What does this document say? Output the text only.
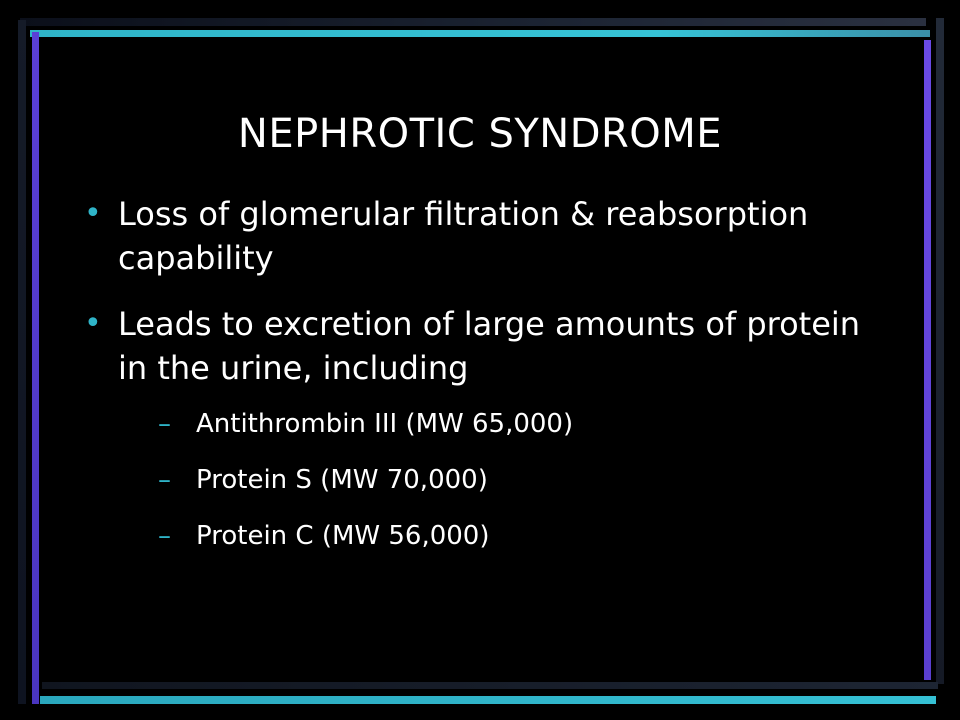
NEPHROTIC SYNDROME
• Loss of glomerular filtration & reabsorption capability
• Leads to excretion of large amounts of protein in the urine, including
– Antithrombin III (MW 65,000)
– Protein S (MW 70,000)
– Protein C (MW 56,000)
